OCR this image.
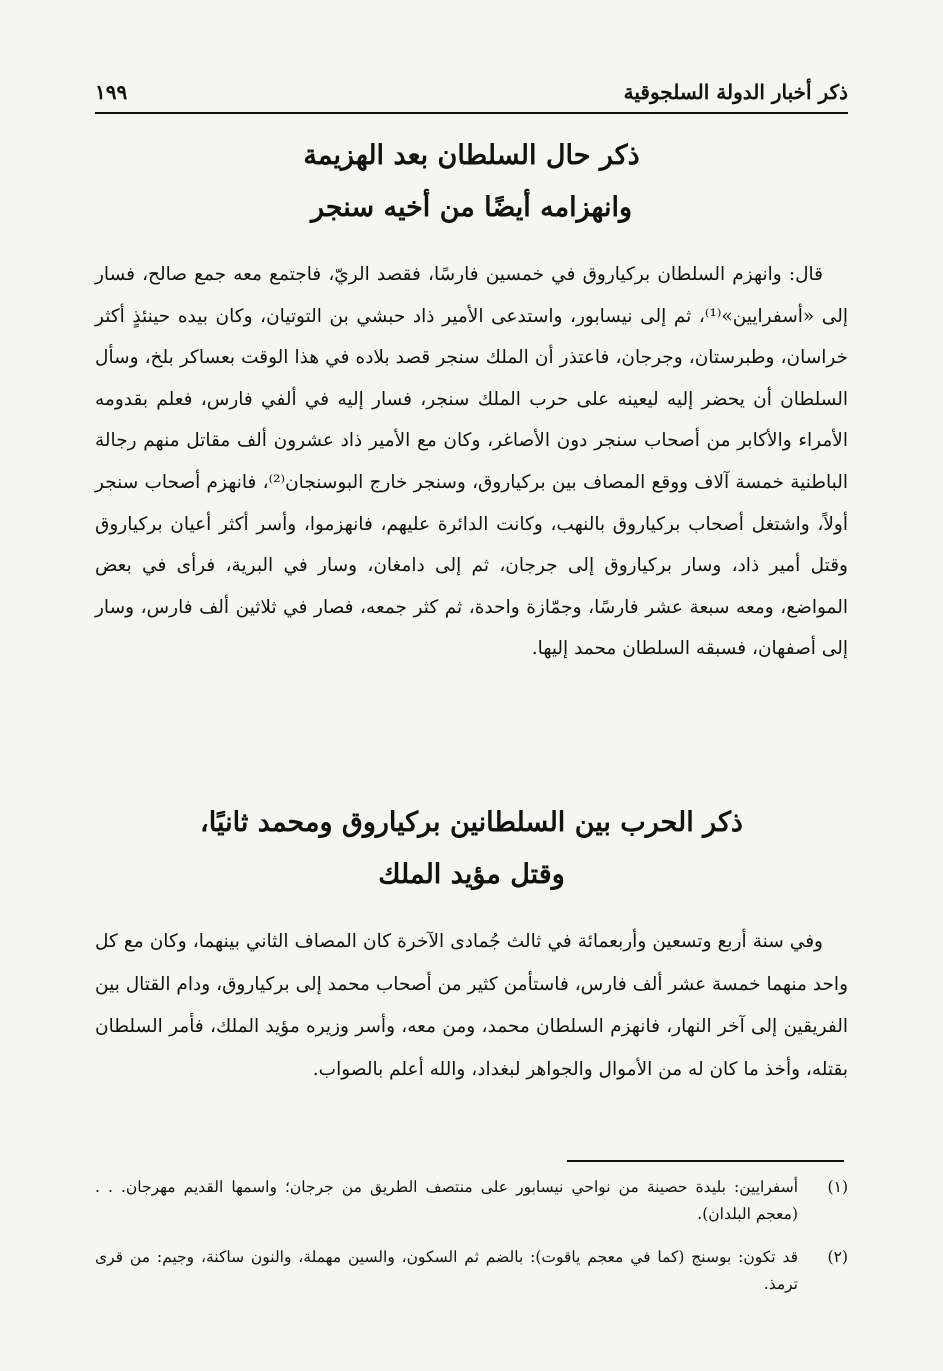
ذكر أخبار الدولة السلجوقية
١٩٩
ذكر حال السلطان بعد الهزيمة
وانهزامه أيضًا من أخيه سنجر

قال: وانهزم السلطان بركياروق في خمسين فارسًا، فقصد الريّ، فاجتمع معه جمع صالح، فسار إلى «أسفرايين»⁽¹⁾، ثم إلى نيسابور، واستدعى الأمير ذاد حبشي بن التوتيان، وكان بيده حينئذٍ أكثر خراسان، وطبرستان، وجرجان، فاعتذر أن الملك سنجر قصد بلاده في هذا الوقت بعساكر بلخ، وسأل السلطان أن يحضر إليه ليعينه على حرب الملك سنجر، فسار إليه في ألفي فارس، فعلم بقدومه الأمراء والأكابر من أصحاب سنجر دون الأصاغر، وكان مع الأمير ذاد عشرون ألف مقاتل منهم رجالة الباطنية خمسة آلاف ووقع المصاف بين بركياروق، وسنجر خارج البوسنجان⁽²⁾، فانهزم أصحاب سنجر أولاً، واشتغل أصحاب بركياروق بالنهب، وكانت الدائرة عليهم، فانهزموا، وأسر أكثر أعيان بركياروق وقتل أمير ذاد، وسار بركياروق إلى جرجان، ثم إلى دامغان، وسار في البرية، فرأى في بعض المواضع، ومعه سبعة عشر فارسًا، وجمّازة واحدة، ثم كثر جمعه، فصار في ثلاثين ألف فارس، وسار إلى أصفهان، فسبقه السلطان محمد إليها.

ذكر الحرب بين السلطانين بركياروق ومحمد ثانيًا،
وقتل مؤيد الملك

وفي سنة أربع وتسعين وأربعمائة في ثالث جُمادى الآخرة كان المصاف الثاني بينهما، وكان مع كل واحد منهما خمسة عشر ألف فارس، فاستأمن كثير من أصحاب محمد إلى بركياروق، ودام القتال بين الفريقين إلى آخر النهار، فانهزم السلطان محمد، ومن معه، وأسر وزيره مؤيد الملك، فأمر السلطان بقتله، وأخذ ما كان له من الأموال والجواهر لبغداد، والله أعلم بالصواب.

(١)
أسفرايين: بليدة حصينة من نواحي نيسابور على منتصف الطريق من جرجان؛ واسمها القديم مهرجان. . . (معجم البلدان).
(٢)
قد تكون: بوسنج (كما في معجم ياقوت): بالضم ثم السكون، والسين مهملة، والنون ساكنة، وجيم: من قرى ترمذ.
